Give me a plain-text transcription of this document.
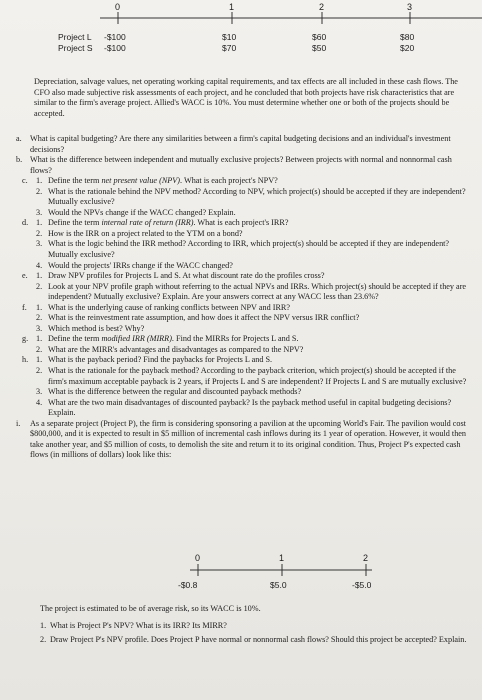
0	1	2	3
Project L -$100	$10	$60	$80
Project S -$100	$70	$50	$20
Depreciation, salvage values, net operating working capital requirements, and tax effects are all included in these cash flows. The CFO also made subjective risk assessments of each project, and he concluded that both projects have risk characteristics that are similar to the firm's average project. Allied's WACC is 10%. You must determine whether one or both of the projects should be accepted.
a. What is capital budgeting? Are there any similarities between a firm's capital budgeting decisions and an individual's investment decisions?
b. What is the difference between independent and mutually exclusive projects? Between projects with normal and nonnormal cash flows?
c. 1. Define the term net present value (NPV). What is each project's NPV?
2. What is the rationale behind the NPV method? According to NPV, which project(s) should be accepted if they are independent? Mutually exclusive?
3. Would the NPVs change if the WACC changed? Explain.
d. 1. Define the term internal rate of return (IRR). What is each project's IRR?
2. How is the IRR on a project related to the YTM on a bond?
3. What is the logic behind the IRR method? According to IRR, which project(s) should be accepted if they are independent? Mutually exclusive?
4. Would the projects' IRRs change if the WACC changed?
e. 1. Draw NPV profiles for Projects L and S. At what discount rate do the profiles cross?
2. Look at your NPV profile graph without referring to the actual NPVs and IRRs. Which project(s) should be accepted if they are independent? Mutually exclusive? Explain. Are your answers correct at any WACC less than 23.6%?
f. 1. What is the underlying cause of ranking conflicts between NPV and IRR?
2. What is the reinvestment rate assumption, and how does it affect the NPV versus IRR conflict?
3. Which method is best? Why?
g. 1. Define the term modified IRR (MIRR). Find the MIRRs for Projects L and S.
2. What are the MIRR's advantages and disadvantages as compared to the NPV?
h. 1. What is the payback period? Find the paybacks for Projects L and S.
2. What is the rationale for the payback method? According to the payback criterion, which project(s) should be accepted if the firm's maximum acceptable payback is 2 years, if Projects L and S are independent? If Projects L and S are mutually exclusive?
3. What is the difference between the regular and discounted payback methods?
4. What are the two main disadvantages of discounted payback? Is the payback method useful in capital budgeting decisions? Explain.
i. As a separate project (Project P), the firm is considering sponsoring a pavilion at the upcoming World's Fair. The pavilion would cost $800,000, and it is expected to result in $5 million of incremental cash inflows during its 1 year of operation. However, it would then take another year, and $5 million of costs, to demolish the site and return it to its original condition. Thus, Project P's expected cash flows (in millions of dollars) look like this:
0	1	2
-$0.8	$5.0	-$5.0
The project is estimated to be of average risk, so its WACC is 10%.
1. What is Project P's NPV? What is its IRR? Its MIRR?
2. Draw Project P's NPV profile. Does Project P have normal or nonnormal cash flows? Should this project be accepted? Explain.
